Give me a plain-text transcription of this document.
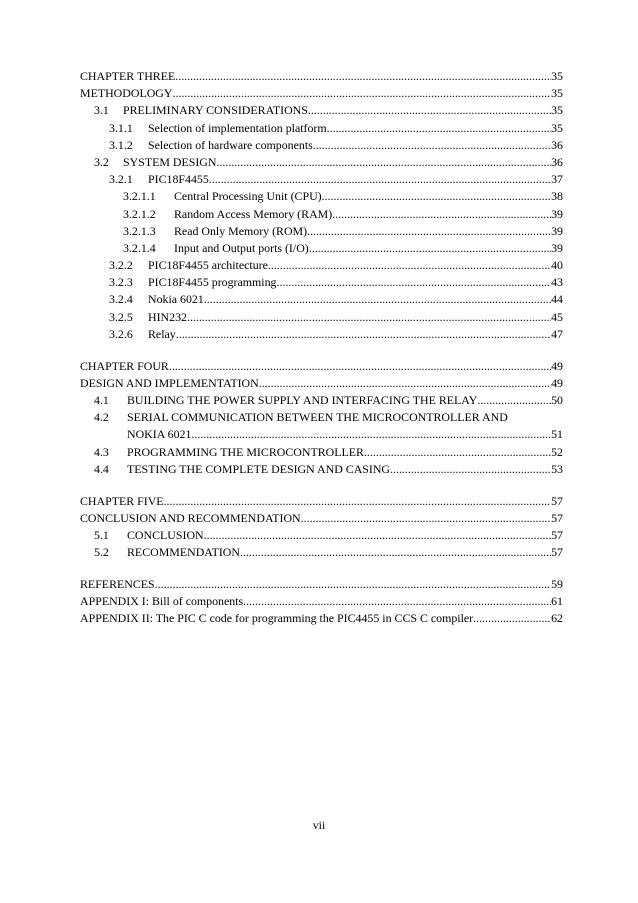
CHAPTER THREE .....	35
METHODOLOGY .....	35
3.1	PRELIMINARY CONSIDERATIONS .....	35
3.1.1	Selection of implementation platform .....	35
3.1.2	Selection of hardware components .....	36
3.2	SYSTEM DESIGN .....	36
3.2.1	PIC18F4455 .....	37
3.2.1.1	Central Processing Unit (CPU) .....	38
3.2.1.2	Random Access Memory (RAM) .....	39
3.2.1.3	Read Only Memory (ROM) .....	39
3.2.1.4	Input and Output ports (I/O) .....	39
3.2.2	PIC18F4455 architecture .....	40
3.2.3	PIC18F4455 programming .....	43
3.2.4	Nokia 6021 .....	44
3.2.5	HIN232 .....	45
3.2.6	Relay .....	47
CHAPTER FOUR .....	49
DESIGN AND IMPLEMENTATION .....	49
4.1	BUILDING THE POWER SUPPLY AND INTERFACING THE RELAY .....	50
4.2	SERIAL COMMUNICATION BETWEEN THE MICROCONTROLLER AND
NOKIA 6021 .....	51
4.3	PROGRAMMING THE MICROCONTROLLER .....	52
4.4	TESTING THE COMPLETE DESIGN AND CASING .....	53
CHAPTER FIVE .....	57
CONCLUSION AND RECOMMENDATION .....	57
5.1	CONCLUSION .....	57
5.2	RECOMMENDATION .....	57
REFERENCES .....	59
APPENDIX I: Bill of components .....	61
APPENDIX II: The PIC C code for programming the PIC4455 in CCS C compiler .....	62
vii
